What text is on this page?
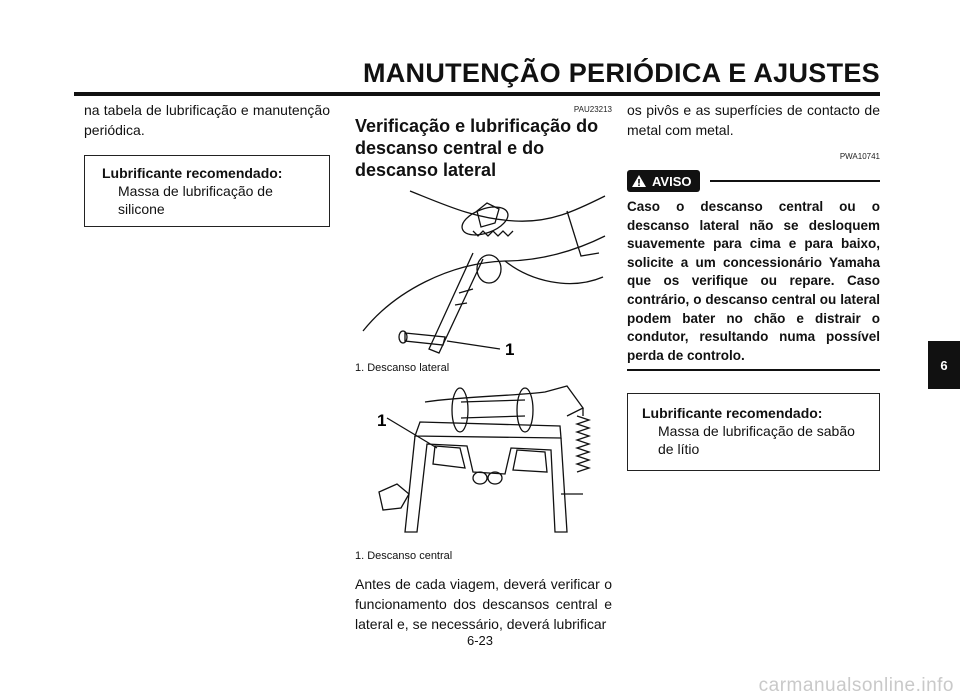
MANUTENÇÃO PERIÓDICA E AJUSTES

na tabela de lubrificação e manutenção periódica.

Lubrificante recomendado:
Massa de lubrificação de silicone
PAU23213
Verificação e lubrificação do descanso central e do descanso lateral
1
1. Descanso lateral
1
1. Descanso central

Antes de cada viagem, deverá verificar o funcionamento dos descansos central e lateral e, se necessário, deverá lubrificar

os pivôs e as superfícies de contacto de metal com metal.

PWA10741
AVISO

Caso o descanso central ou o descanso lateral não se desloquem suavemente para cima e para baixo, solicite a um concessionário Yamaha que os verifique ou repare. Caso contrário, o descanso central ou lateral podem bater no chão e distrair o condutor, resultando numa possível perda de controlo.

Lubrificante recomendado:
Massa de lubrificação de sabão de lítio
6
6-23
carmanualsonline.info
